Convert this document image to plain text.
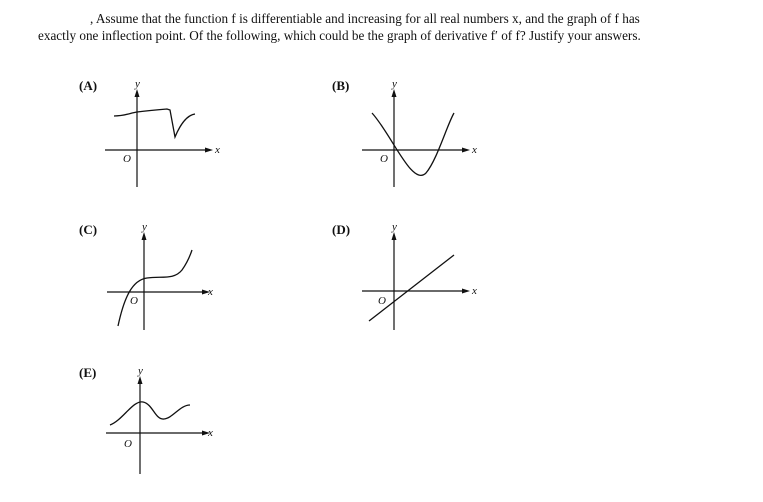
, Assume that the function f is differentiable and increasing for all real numbers x, and the graph of f has
exactly one inflection point. Of the following, which could be the graph of derivative f′ of f? Justify your answers.
(A)	y
x
O
(B)	y
x
O
(C)	y
x
O
(D)	y
x
O
(E)	y
x
O
